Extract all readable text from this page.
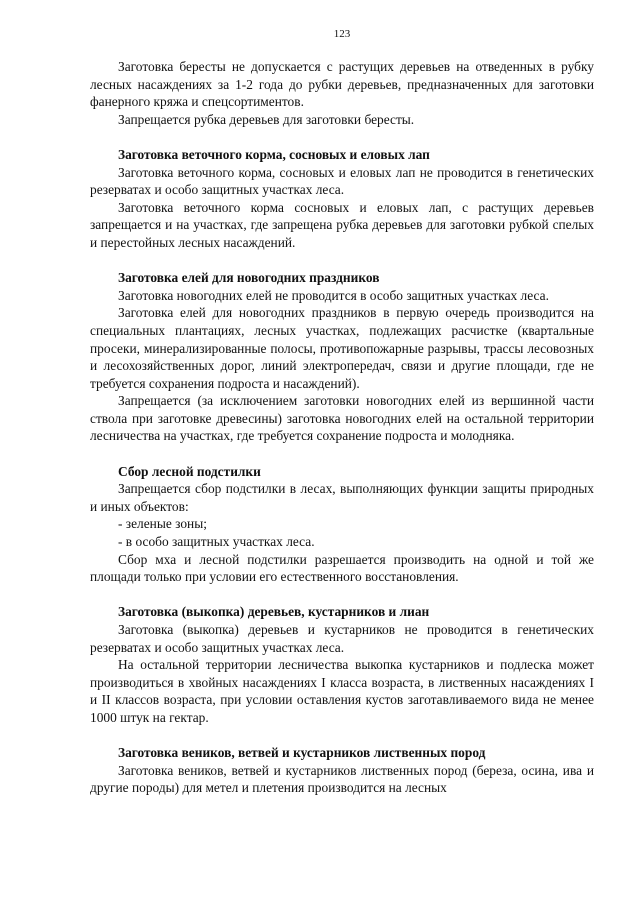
123

Заготовка бересты не допускается с растущих деревьев на отведенных в рубку лесных насаждениях за 1-2 года до рубки деревьев, предназначенных для заготовки фанерного кряжа и спецсортиментов.

Запрещается рубка деревьев для заготовки бересты.

Заготовка веточного корма, сосновых и еловых лап

Заготовка веточного корма, сосновых и еловых лап не проводится в генетических резерватах и особо защитных участках леса.

Заготовка веточного корма сосновых и еловых лап, с растущих деревьев запрещается и на участках, где запрещена рубка деревьев для заготовки рубкой спелых и перестойных лесных насаждений.

Заготовка елей для новогодних праздников

Заготовка новогодних елей не проводится в особо защитных участках леса.

Заготовка елей для новогодних праздников в первую очередь производится на специальных плантациях, лесных участках, подлежащих расчистке (квартальные просеки, минерализированные полосы, противопожарные разрывы, трассы лесовозных и лесохозяйственных дорог, линий электропередач, связи и другие площади, где не требуется сохранения подроста и насаждений).

Запрещается (за исключением заготовки новогодних елей из вершинной части ствола при заготовке древесины) заготовка новогодних елей на остальной территории лесничества на участках, где требуется сохранение подроста и молодняка.

Сбор лесной подстилки

Запрещается сбор подстилки в лесах, выполняющих функции защиты природных и иных объектов:

- зеленые зоны;

- в особо защитных участках леса.

Сбор мха и лесной подстилки разрешается производить на одной и той же площади только при условии его естественного восстановления.

Заготовка (выкопка) деревьев, кустарников и лиан

Заготовка (выкопка) деревьев и кустарников не проводится в генетических резерватах и особо защитных участках леса.

На остальной территории лесничества выкопка кустарников и подлеска может производиться в хвойных насаждениях I класса возраста, в лиственных насаждениях I и II классов возраста, при условии оставления кустов заготавливаемого вида не менее 1000 штук на гектар.

Заготовка веников, ветвей и кустарников лиственных пород

Заготовка веников, ветвей и кустарников лиственных пород (береза, осина, ива и другие породы) для метел и плетения производится на лесных
